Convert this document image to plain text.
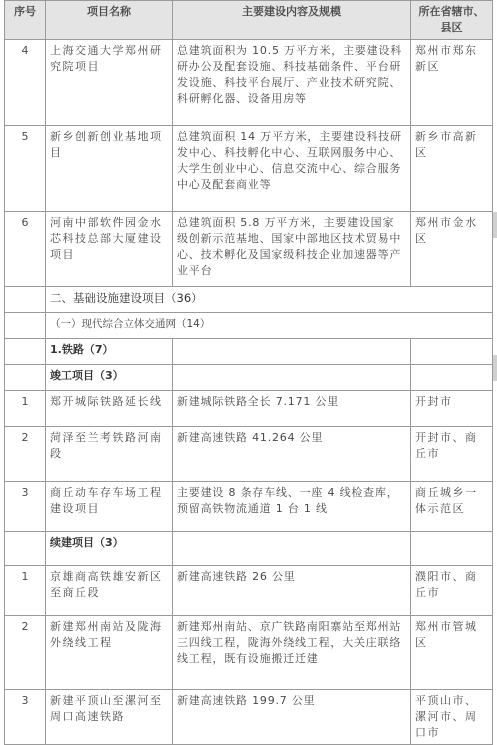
序号	项目名称	主要建设内容及规模	所在省辖市、县区
4	上海交通大学郑州研究院项目	总建筑面积为 10.5 万平方米，主要建设科研办公及配套设施、科技基础条件、平台研发设施、科技平台展厅、产业技术研究院、科研孵化器、设备用房等	郑州市郑东新区
5	新乡创新创业基地项目	总建筑面积 14 万平方米，主要建设科技研发中心、科技孵化中心、互联网服务中心、大学生创业中心、信息交流中心、综合服务中心及配套商业等	新乡市高新区
6	河南中部软件园金水芯科技总部大厦建设项目	总建筑面积 5.8 万平方米，主要建设国家级创新示范基地、国家中部地区技术贸易中心、技术孵化及国家级科技企业加速器等产业平台	郑州市金水区
	二、基础设施建设项目（36）		
	（一）现代综合立体交通网（14）		
	1.铁路（7）		
	竣工项目（3）		
1	郑开城际铁路延长线	新建城际铁路全长 7.171 公里	开封市
2	菏泽至兰考铁路河南段	新建高速铁路 41.264 公里	开封市、商丘市
3	商丘动车存车场工程建设项目	主要建设 8 条存车线、一座 4 线检查库，预留高铁物流通道 1 台 1 线	商丘城乡一体示范区
	续建项目（3）		
1	京雄商高铁雄安新区至商丘段	新建高速铁路 26 公里	濮阳市、商丘市
2	新建郑州南站及陇海外绕线工程	新建郑州南站、京广铁路南阳寨站至郑州站三四线工程，陇海外绕线工程，大关庄联络线工程，既有设施搬迁迁建	郑州市管城区
3	新建平顶山至漯河至周口高速铁路	新建高速铁路 199.7 公里	平顶山市、漯河市、周口市
